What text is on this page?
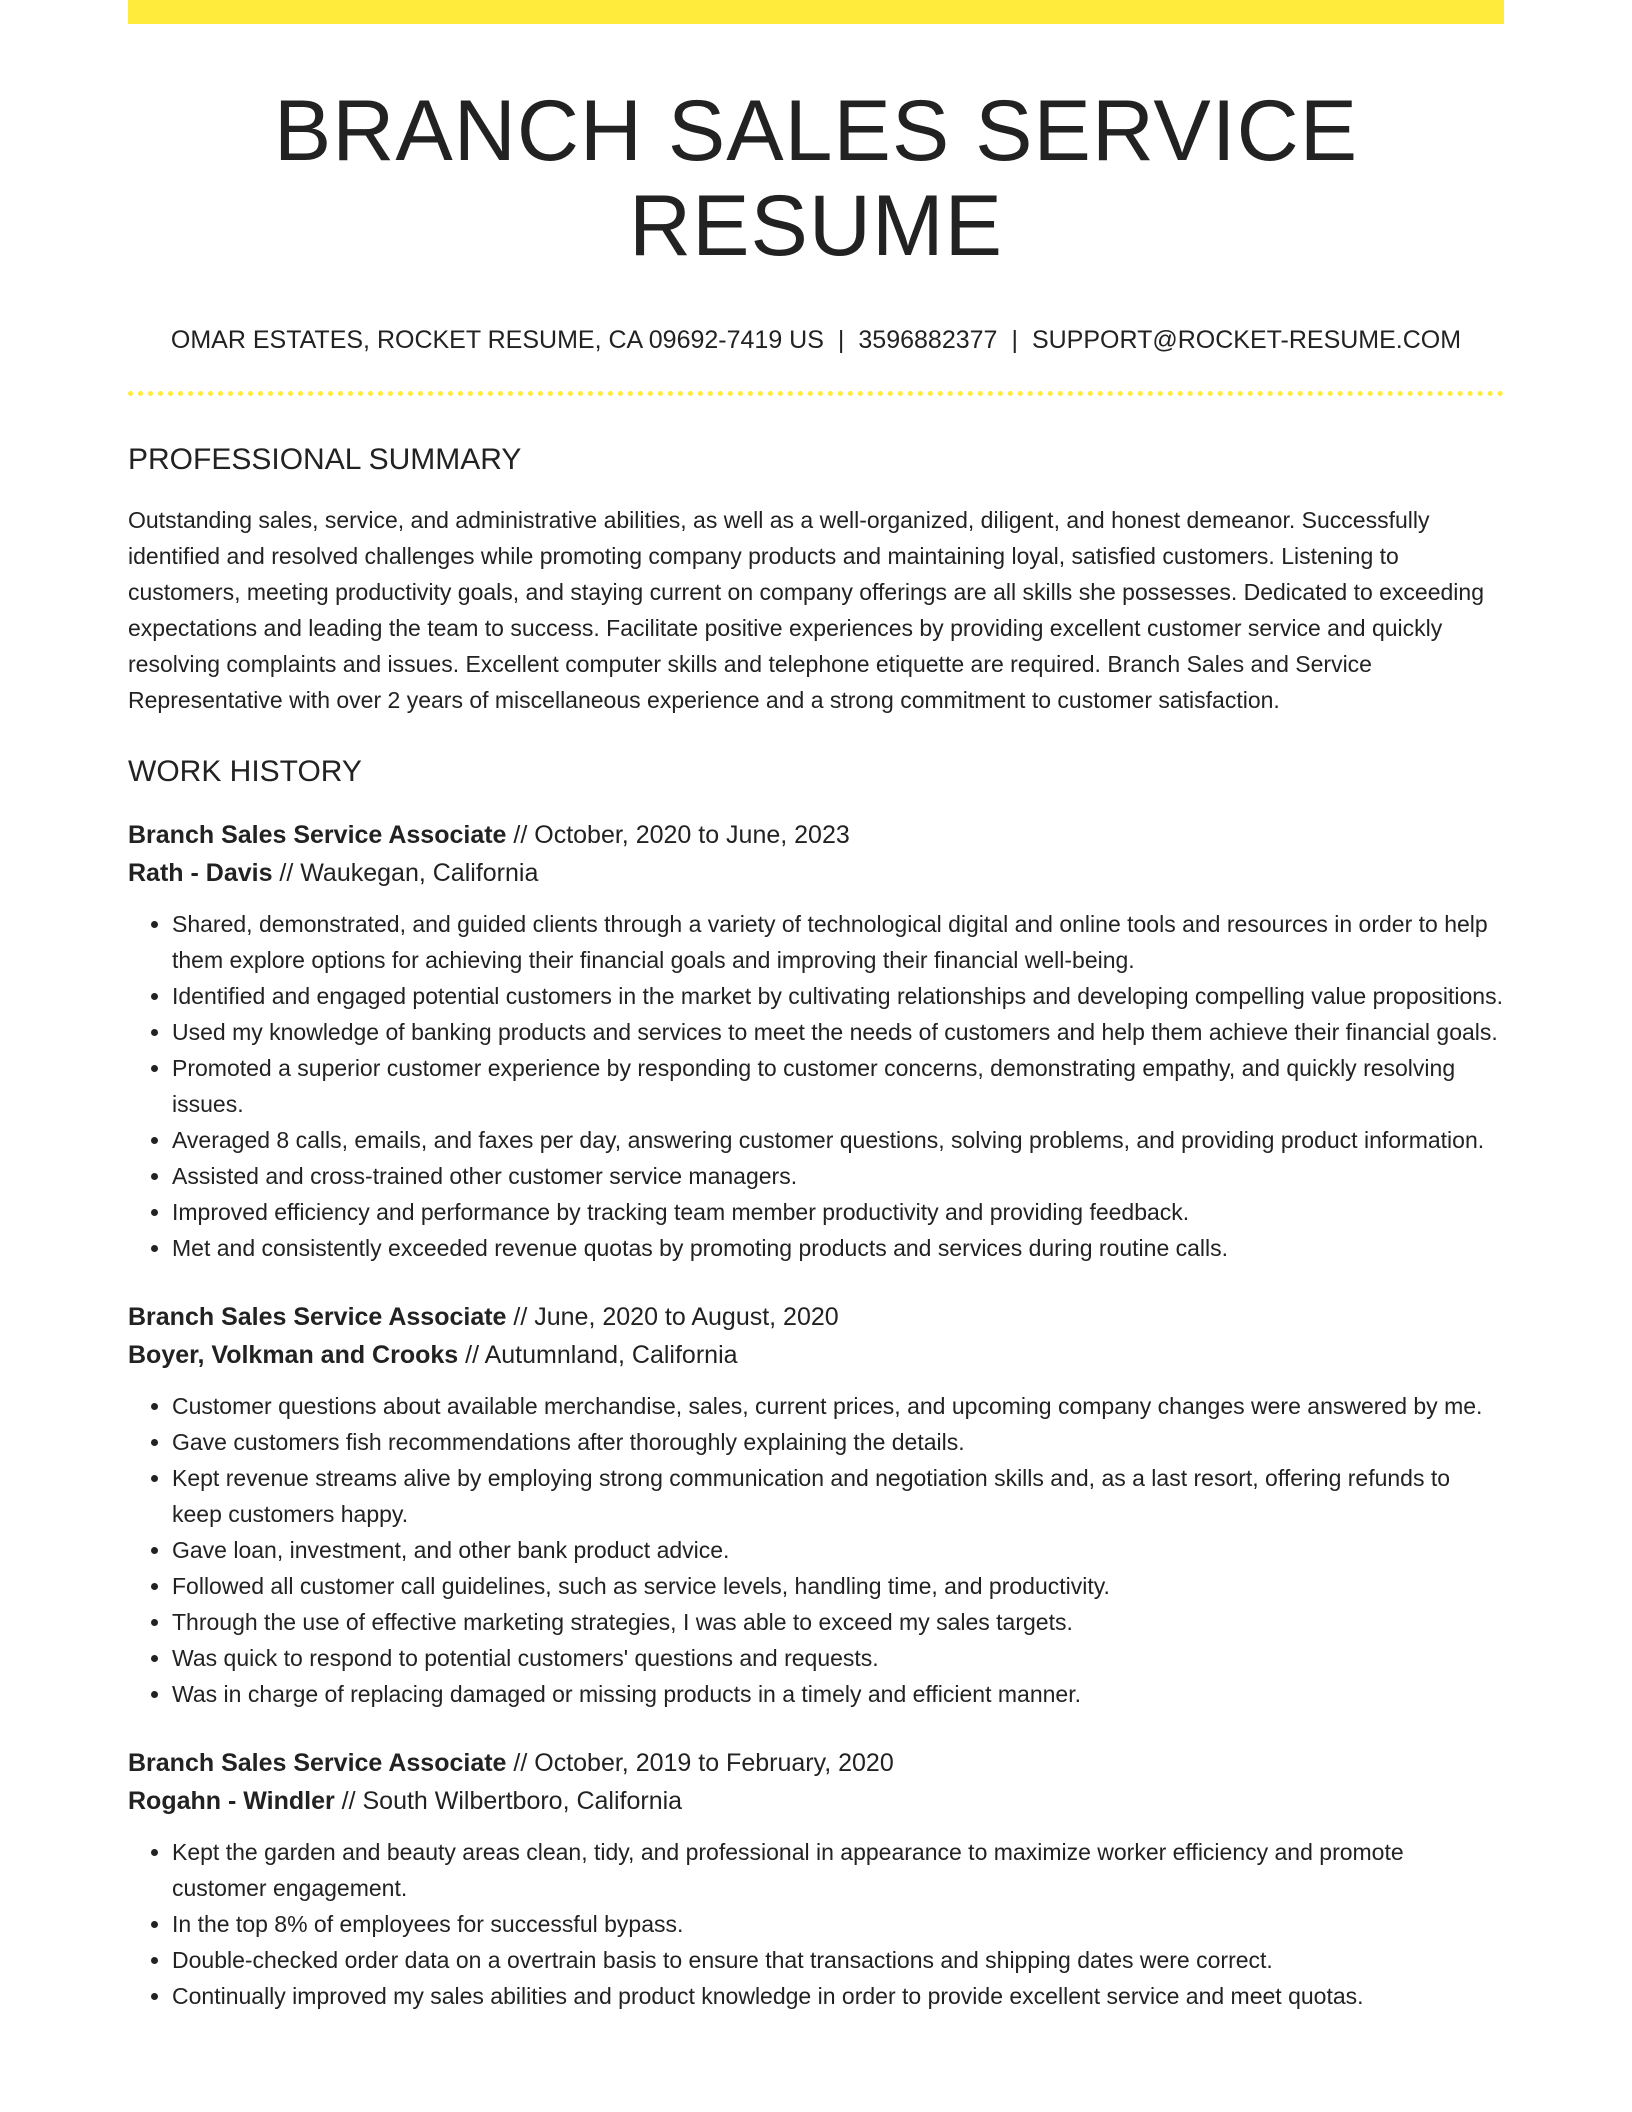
BRANCH SALES SERVICE RESUME
OMAR ESTATES, ROCKET RESUME, CA 09692-7419 US | 3596882377 | SUPPORT@ROCKET-RESUME.COM
PROFESSIONAL SUMMARY
Outstanding sales, service, and administrative abilities, as well as a well-organized, diligent, and honest demeanor. Successfully identified and resolved challenges while promoting company products and maintaining loyal, satisfied customers. Listening to customers, meeting productivity goals, and staying current on company offerings are all skills she possesses. Dedicated to exceeding expectations and leading the team to success. Facilitate positive experiences by providing excellent customer service and quickly resolving complaints and issues. Excellent computer skills and telephone etiquette are required. Branch Sales and Service Representative with over 2 years of miscellaneous experience and a strong commitment to customer satisfaction.
WORK HISTORY
Branch Sales Service Associate // October, 2020 to June, 2023
Rath - Davis // Waukegan, California
• Shared, demonstrated, and guided clients through a variety of technological digital and online tools and resources in order to help them explore options for achieving their financial goals and improving their financial well-being.
• Identified and engaged potential customers in the market by cultivating relationships and developing compelling value propositions.
• Used my knowledge of banking products and services to meet the needs of customers and help them achieve their financial goals.
• Promoted a superior customer experience by responding to customer concerns, demonstrating empathy, and quickly resolving issues.
• Averaged 8 calls, emails, and faxes per day, answering customer questions, solving problems, and providing product information.
• Assisted and cross-trained other customer service managers.
• Improved efficiency and performance by tracking team member productivity and providing feedback.
• Met and consistently exceeded revenue quotas by promoting products and services during routine calls.
Branch Sales Service Associate // June, 2020 to August, 2020
Boyer, Volkman and Crooks // Autumnland, California
• Customer questions about available merchandise, sales, current prices, and upcoming company changes were answered by me.
• Gave customers fish recommendations after thoroughly explaining the details.
• Kept revenue streams alive by employing strong communication and negotiation skills and, as a last resort, offering refunds to keep customers happy.
• Gave loan, investment, and other bank product advice.
• Followed all customer call guidelines, such as service levels, handling time, and productivity.
• Through the use of effective marketing strategies, I was able to exceed my sales targets.
• Was quick to respond to potential customers' questions and requests.
• Was in charge of replacing damaged or missing products in a timely and efficient manner.
Branch Sales Service Associate // October, 2019 to February, 2020
Rogahn - Windler // South Wilbertboro, California
• Kept the garden and beauty areas clean, tidy, and professional in appearance to maximize worker efficiency and promote customer engagement.
• In the top 8% of employees for successful bypass.
• Double-checked order data on a overtrain basis to ensure that transactions and shipping dates were correct.
• Continually improved my sales abilities and product knowledge in order to provide excellent service and meet quotas.
